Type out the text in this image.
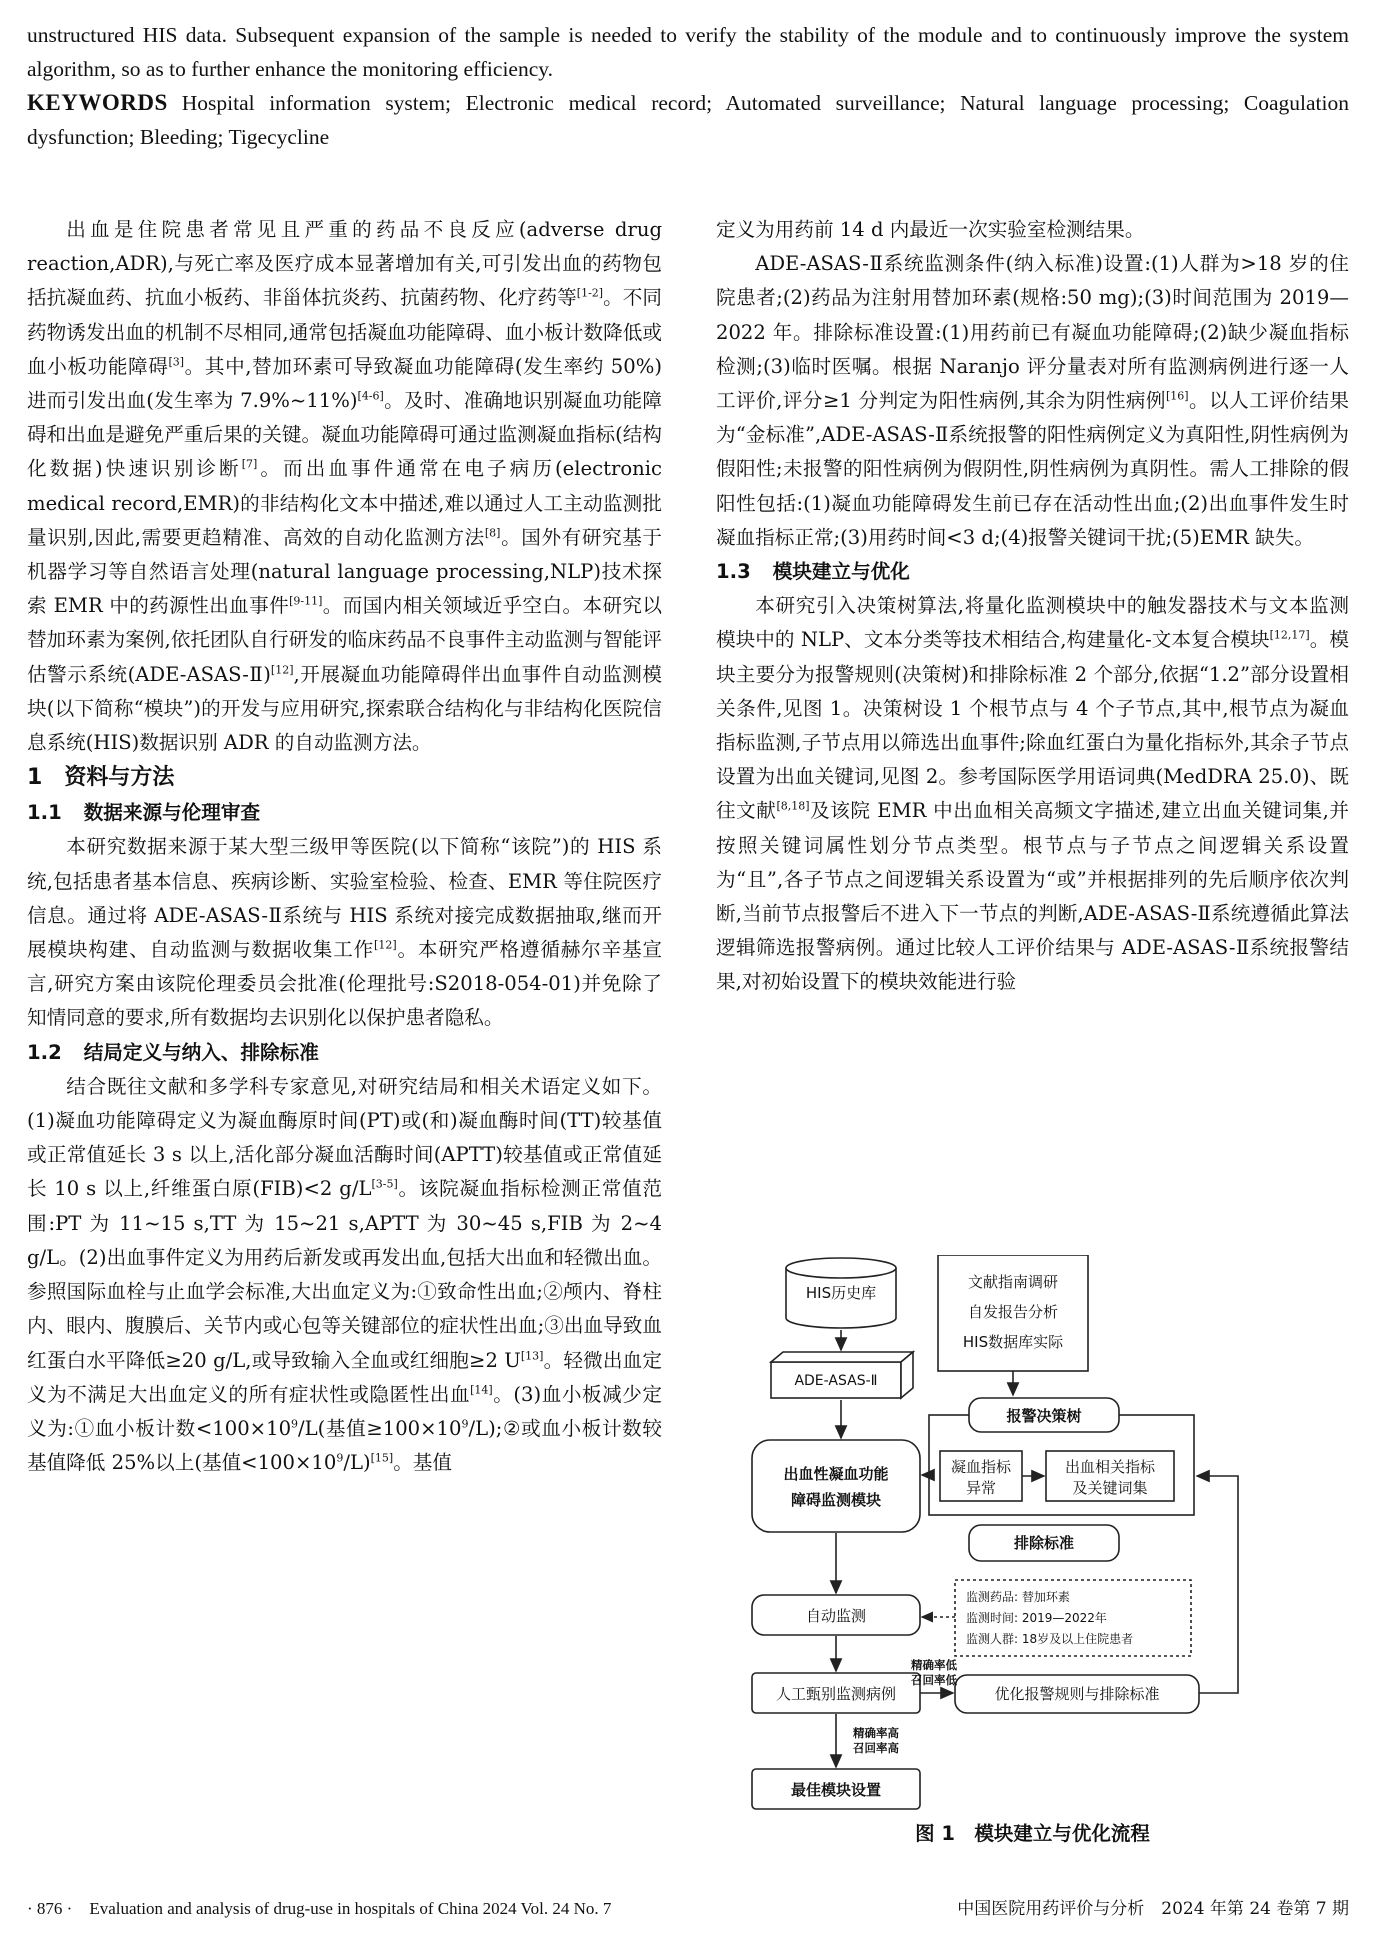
unstructured HIS data. Subsequent expansion of the sample is needed to verify the stability of the module and to continuously improve the system algorithm, so as to further enhance the monitoring efficiency.

KEYWORDS Hospital information system; Electronic medical record; Automated surveillance; Natural language processing; Coagulation dysfunction; Bleeding; Tigecycline

出血是住院患者常见且严重的药品不良反应(adverse drug reaction,ADR),与死亡率及医疗成本显著增加有关,可引发出血的药物包括抗凝血药、抗血小板药、非甾体抗炎药、抗菌药物、化疗药等[1-2]。不同药物诱发出血的机制不尽相同,通常包括凝血功能障碍、血小板计数降低或血小板功能障碍[3]。其中,替加环素可导致凝血功能障碍(发生率约 50%)进而引发出血(发生率为 7.9%~11%)[4-6]。及时、准确地识别凝血功能障碍和出血是避免严重后果的关键。凝血功能障碍可通过监测凝血指标(结构化数据)快速识别诊断[7]。而出血事件通常在电子病历(electronic medical record,EMR)的非结构化文本中描述,难以通过人工主动监测批量识别,因此,需要更趋精准、高效的自动化监测方法[8]。国外有研究基于机器学习等自然语言处理(natural language processing,NLP)技术探索 EMR 中的药源性出血事件[9-11]。而国内相关领域近乎空白。本研究以替加环素为案例,依托团队自行研发的临床药品不良事件主动监测与智能评估警示系统(ADE-ASAS-Ⅱ)[12],开展凝血功能障碍伴出血事件自动监测模块(以下简称“模块”)的开发与应用研究,探索联合结构化与非结构化医院信息系统(HIS)数据识别 ADR 的自动监测方法。

1 资料与方法
1.1 数据来源与伦理审查

本研究数据来源于某大型三级甲等医院(以下简称“该院”)的 HIS 系统,包括患者基本信息、疾病诊断、实验室检验、检查、EMR 等住院医疗信息。通过将 ADE-ASAS-Ⅱ系统与 HIS 系统对接完成数据抽取,继而开展模块构建、自动监测与数据收集工作[12]。本研究严格遵循赫尔辛基宣言,研究方案由该院伦理委员会批准(伦理批号:S2018-054-01)并免除了知情同意的要求,所有数据均去识别化以保护患者隐私。

1.2 结局定义与纳入、排除标准

结合既往文献和多学科专家意见,对研究结局和相关术语定义如下。(1)凝血功能障碍定义为凝血酶原时间(PT)或(和)凝血酶时间(TT)较基值或正常值延长 3 s 以上,活化部分凝血活酶时间(APTT)较基值或正常值延长 10 s 以上,纤维蛋白原(FIB)<2 g/L[3-5]。该院凝血指标检测正常值范围:PT 为 11~15 s,TT 为 15~21 s,APTT 为 30~45 s,FIB 为 2~4 g/L。(2)出血事件定义为用药后新发或再发出血,包括大出血和轻微出血。参照国际血栓与止血学会标准,大出血定义为:①致命性出血;②颅内、脊柱内、眼内、腹膜后、关节内或心包等关键部位的症状性出血;③出血导致血红蛋白水平降低≥20 g/L,或导致输入全血或红细胞≥2 U[13]。轻微出血定义为不满足大出血定义的所有症状性或隐匿性出血[14]。(3)血小板减少定义为:①血小板计数$<100\times 10^9/L$(基值$\ge 100\times 10^9/L);②$或血小板计数较基值降低 25%以上(基值$<100\times 10^9/L)[15]$。基值

定义为用药前 14 d 内最近一次实验室检测结果。

ADE-ASAS-Ⅱ系统监测条件(纳入标准)设置:(1)人群为>18 岁的住院患者;(2)药品为注射用替加环素(规格:50 mg);(3)时间范围为 2019—2022 年。排除标准设置:(1)用药前已有凝血功能障碍;(2)缺少凝血指标检测;(3)临时医嘱。根据 Naranjo 评分量表对所有监测病例进行逐一人工评价,评分≥1 分判定为阳性病例,其余为阴性病例[16]。以人工评价结果为“金标准”,ADE-ASAS-Ⅱ系统报警的阳性病例定义为真阳性,阴性病例为假阳性;未报警的阳性病例为假阴性,阴性病例为真阴性。需人工排除的假阳性包括:(1)凝血功能障碍发生前已存在活动性出血;(2)出血事件发生时凝血指标正常;(3)用药时间<3 d;(4)报警关键词干扰;(5)EMR 缺失。

1.3 模块建立与优化

本研究引入决策树算法,将量化监测模块中的触发器技术与文本监测模块中的 NLP、文本分类等技术相结合,构建量化-文本复合模块[12,17]。模块主要分为报警规则(决策树)和排除标准 2 个部分,依据“1.2”部分设置相关条件,见图 1。决策树设 1 个根节点与 4 个子节点,其中,根节点为凝血指标监测,子节点用以筛选出血事件;除血红蛋白为量化指标外,其余子节点设置为出血关键词,见图 2。参考国际医学用语词典(MedDRA 25.0)、既往文献[8,18]及该院 EMR 中出血相关高频文字描述,建立出血关键词集,并按照关键词属性划分节点类型。根节点与子节点之间逻辑关系设置为“且”,各子节点之间逻辑关系设置为“或”并根据排列的先后顺序依次判断,当前节点报警后不进入下一节点的判断,ADE-ASAS-Ⅱ系统遵循此算法逻辑筛选报警病例。通过比较人工评价结果与 ADE-ASAS-Ⅱ系统报警结果,对初始设置下的模块效能进行验

HIS历史库
ADE-ASAS-Ⅱ
出血性凝血功能
障碍监测模块
自动监测
人工甄别监测病例
最佳模块设置
文献指南调研
自发报告分析
HIS数据库实际
报警决策树
凝血指标
异常
出血相关指标
及关键词集
排除标准
优化报警规则与排除标准
监测药品: 替加环素
监测时间: 2019—2022年
监测人群: 18岁及以上住院患者
精确率低
召回率低
精确率高
召回率高
图 1　模块建立与优化流程
· 876 ·　Evaluation and analysis of drug-use in hospitals of China 2024 Vol. 24 No. 7	中国医院用药评价与分析　2024 年第 24 卷第 7 期
